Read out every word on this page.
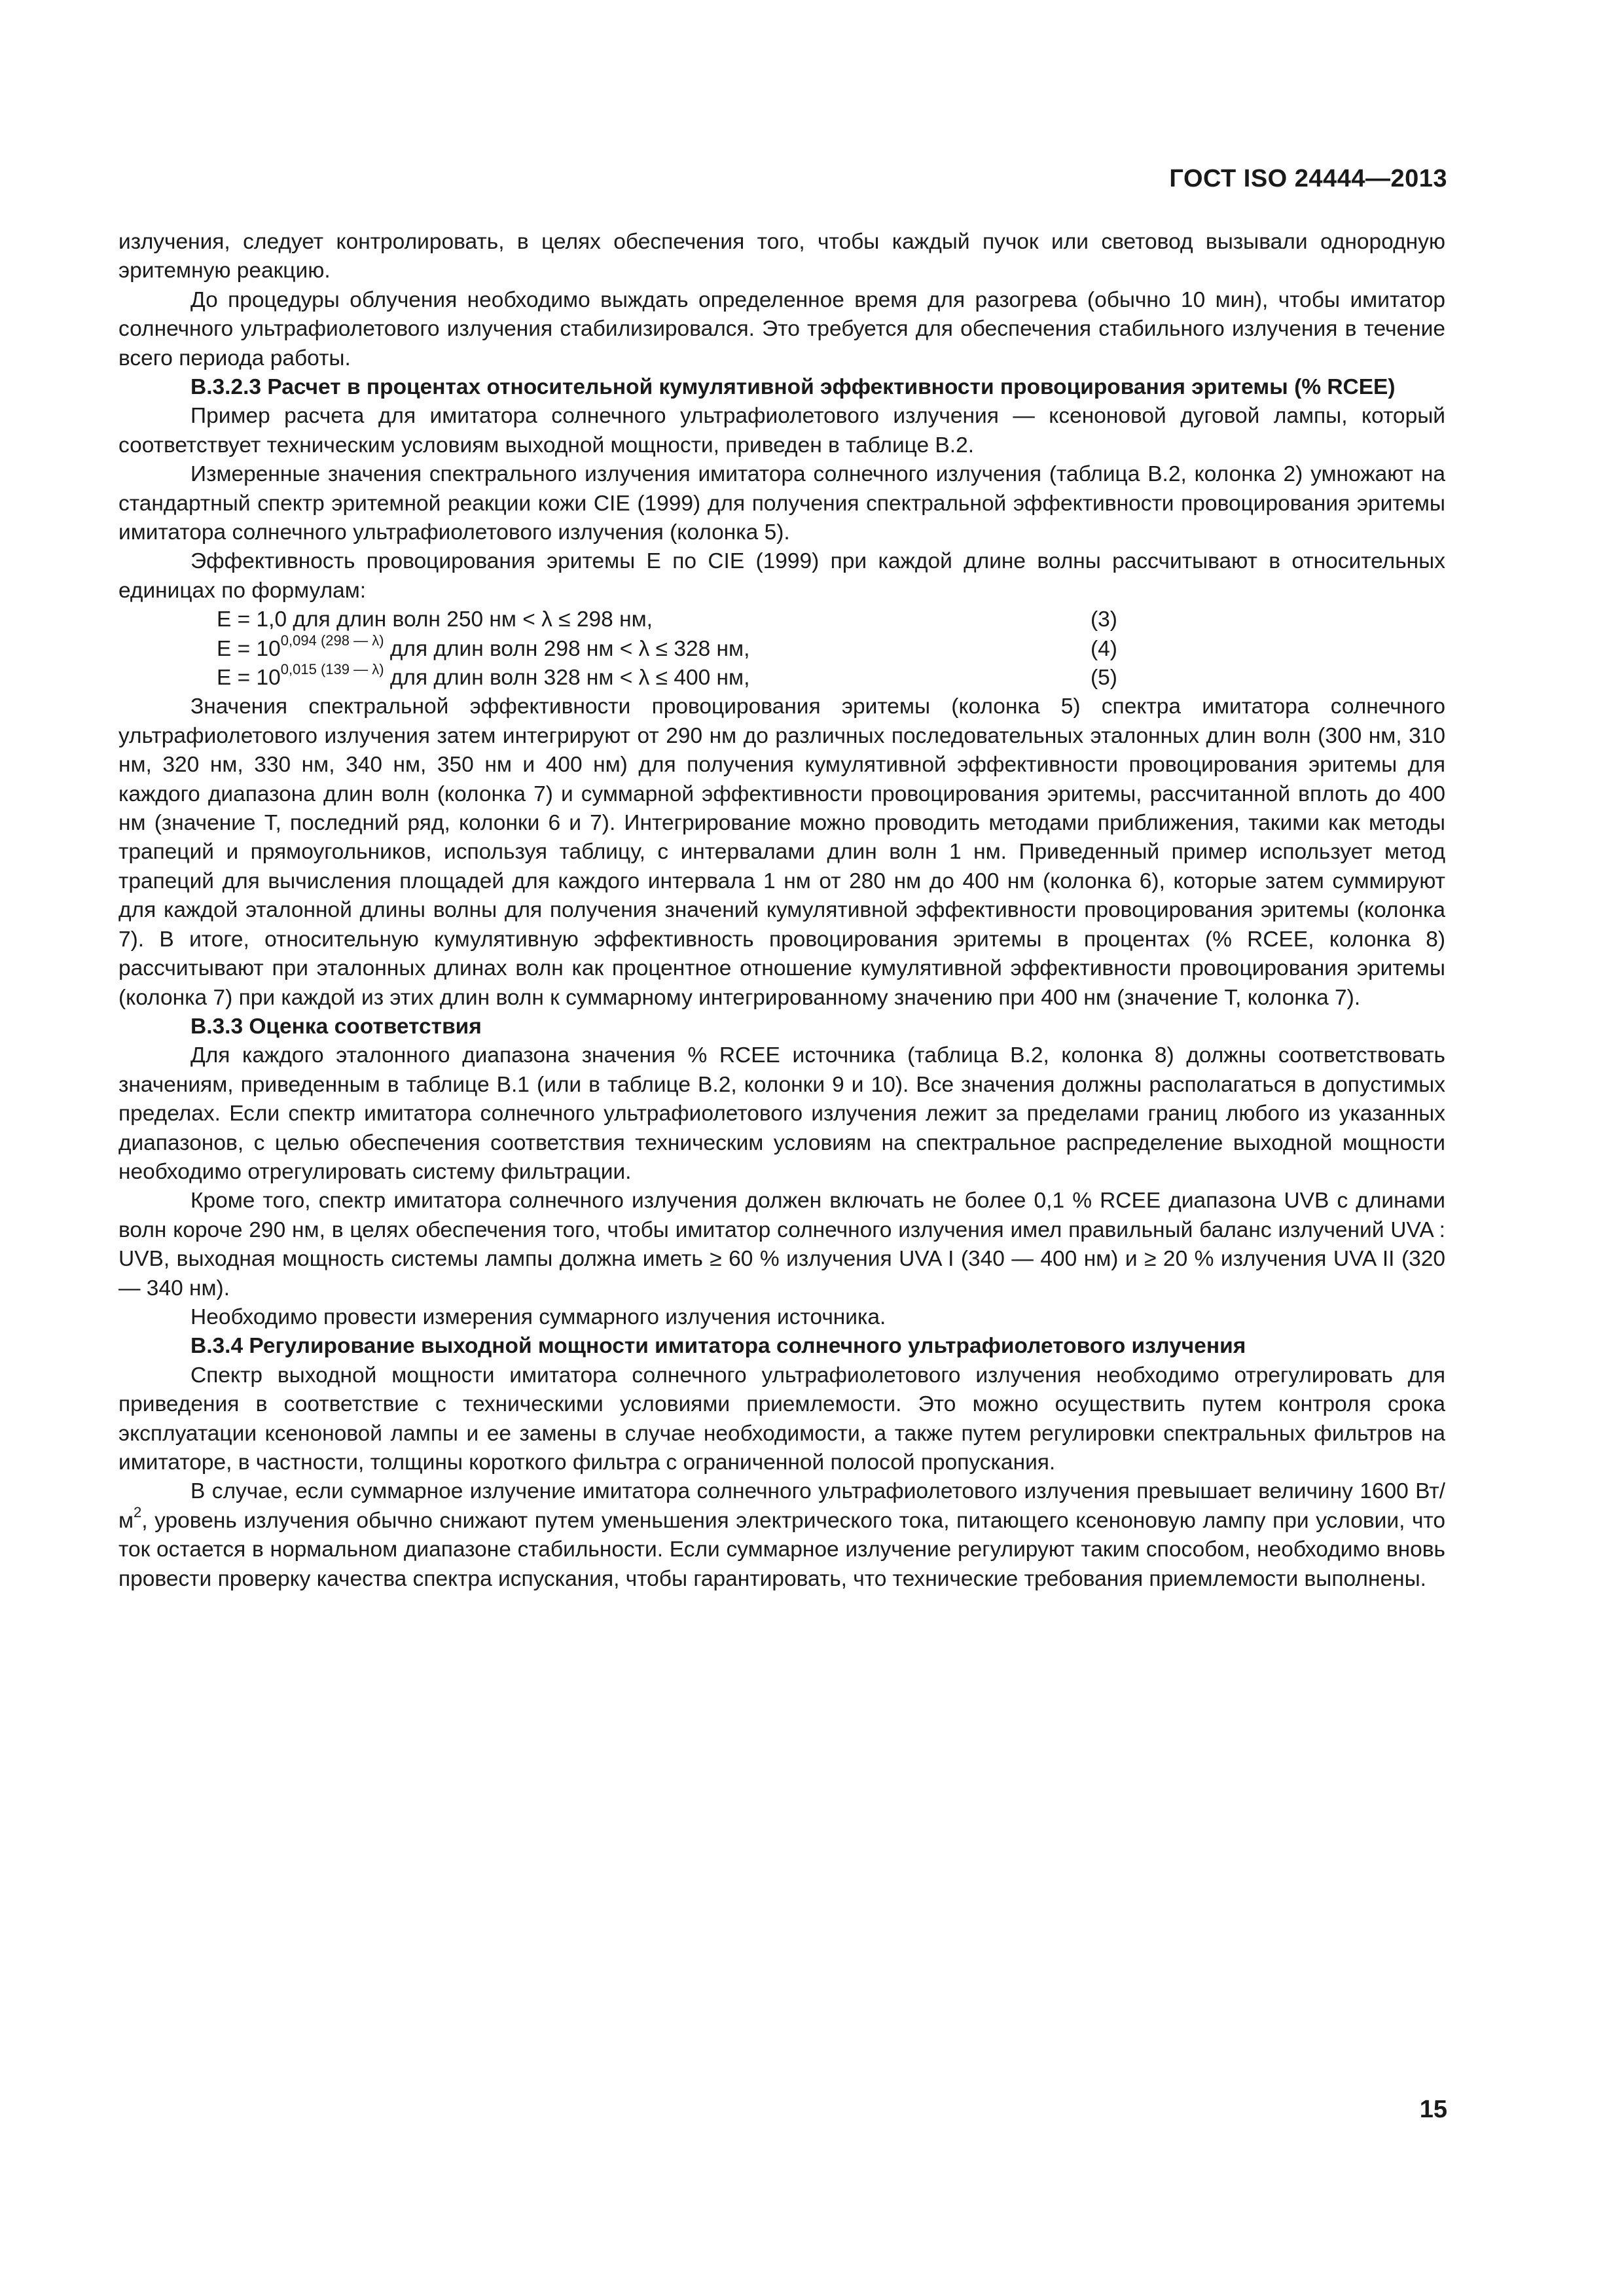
ГОСТ ISO 24444—2013

излучения, следует контролировать, в целях обеспечения того, чтобы каждый пучок или световод вызывали однородную эритемную реакцию.

До процедуры облучения необходимо выждать определенное время для разогрева (обычно 10 мин), чтобы имитатор солнечного ультрафиолетового излучения стабилизировался. Это требуется для обеспечения стабильного излучения в течение всего периода работы.

В.3.2.3 Расчет в процентах относительной кумулятивной эффективности провоцирования эритемы (% RCEE)

Пример расчета для имитатора солнечного ультрафиолетового излучения — ксеноновой дуговой лампы, который соответствует техническим условиям выходной мощности, приведен в таблице В.2.

Измеренные значения спектрального излучения имитатора солнечного излучения (таблица В.2, колонка 2) умножают на стандартный спектр эритемной реакции кожи CIE (1999) для получения спектральной эффективности провоцирования эритемы имитатора солнечного ультрафиолетового излучения (колонка 5).

Эффективность провоцирования эритемы E по CIE (1999) при каждой длине волны рассчитывают в относительных единицах по формулам:

E = 1,0 для длин волн 250 нм < λ ≤ 298 нм,	(3)
$E = 10^{0,094 (298 — \lambda)}$ для длин волн 298 нм < λ ≤ 328 нм,	(4)
$E = 10^{0,015 (139 — \lambda)}$ для длин волн 328 нм < λ ≤ 400 нм,	(5)

Значения спектральной эффективности провоцирования эритемы (колонка 5) спектра имитатора солнечного ультрафиолетового излучения затем интегрируют от 290 нм до различных последовательных эталонных длин волн (300 нм, 310 нм, 320 нм, 330 нм, 340 нм, 350 нм и 400 нм) для получения кумулятивной эффективности провоцирования эритемы для каждого диапазона длин волн (колонка 7) и суммарной эффективности провоцирования эритемы, рассчитанной вплоть до 400 нм (значение T, последний ряд, колонки 6 и 7). Интегрирование можно проводить методами приближения, такими как методы трапеций и прямоугольников, используя таблицу, с интервалами длин волн 1 нм. Приведенный пример использует метод трапеций для вычисления площадей для каждого интервала 1 нм от 280 нм до 400 нм (колонка 6), которые затем суммируют для каждой эталонной длины волны для получения значений кумулятивной эффективности провоцирования эритемы (колонка 7). В итоге, относительную кумулятивную эффективность провоцирования эритемы в процентах (% RCEE, колонка 8) рассчитывают при эталонных длинах волн как процентное отношение кумулятивной эффективности провоцирования эритемы (колонка 7) при каждой из этих длин волн к суммарному интегрированному значению при 400 нм (значение T, колонка 7).

В.3.3 Оценка соответствия

Для каждого эталонного диапазона значения % RCEE источника (таблица В.2, колонка 8) должны соответствовать значениям, приведенным в таблице В.1 (или в таблице В.2, колонки 9 и 10). Все значения должны располагаться в допустимых пределах. Если спектр имитатора солнечного ультрафиолетового излучения лежит за пределами границ любого из указанных диапазонов, с целью обеспечения соответствия техническим условиям на спектральное распределение выходной мощности необходимо отрегулировать систему фильтрации.

Кроме того, спектр имитатора солнечного излучения должен включать не более 0,1 % RCEE диапазона UVB с длинами волн короче 290 нм, в целях обеспечения того, чтобы имитатор солнечного излучения имел правильный баланс излучений UVA : UVB, выходная мощность системы лампы должна иметь ≥ 60 % излучения UVA I (340 — 400 нм) и ≥ 20 % излучения UVA II (320 — 340 нм).

Необходимо провести измерения суммарного излучения источника.

В.3.4 Регулирование выходной мощности имитатора солнечного ультрафиолетового излучения

Спектр выходной мощности имитатора солнечного ультрафиолетового излучения необходимо отрегулировать для приведения в соответствие с техническими условиями приемлемости. Это можно осуществить путем контроля срока эксплуатации ксеноновой лампы и ее замены в случае необходимости, а также путем регулировки спектральных фильтров на имитаторе, в частности, толщины короткого фильтра с ограниченной полосой пропускания.

В случае, если суммарное излучение имитатора солнечного ультрафиолетового излучения превышает величину 1600 $Вт/м^2$, уровень излучения обычно снижают путем уменьшения электрического тока, питающего ксеноновую лампу при условии, что ток остается в нормальном диапазоне стабильности. Если суммарное излучение регулируют таким способом, необходимо вновь провести проверку качества спектра испускания, чтобы гарантировать, что технические требования приемлемости выполнены.

15
